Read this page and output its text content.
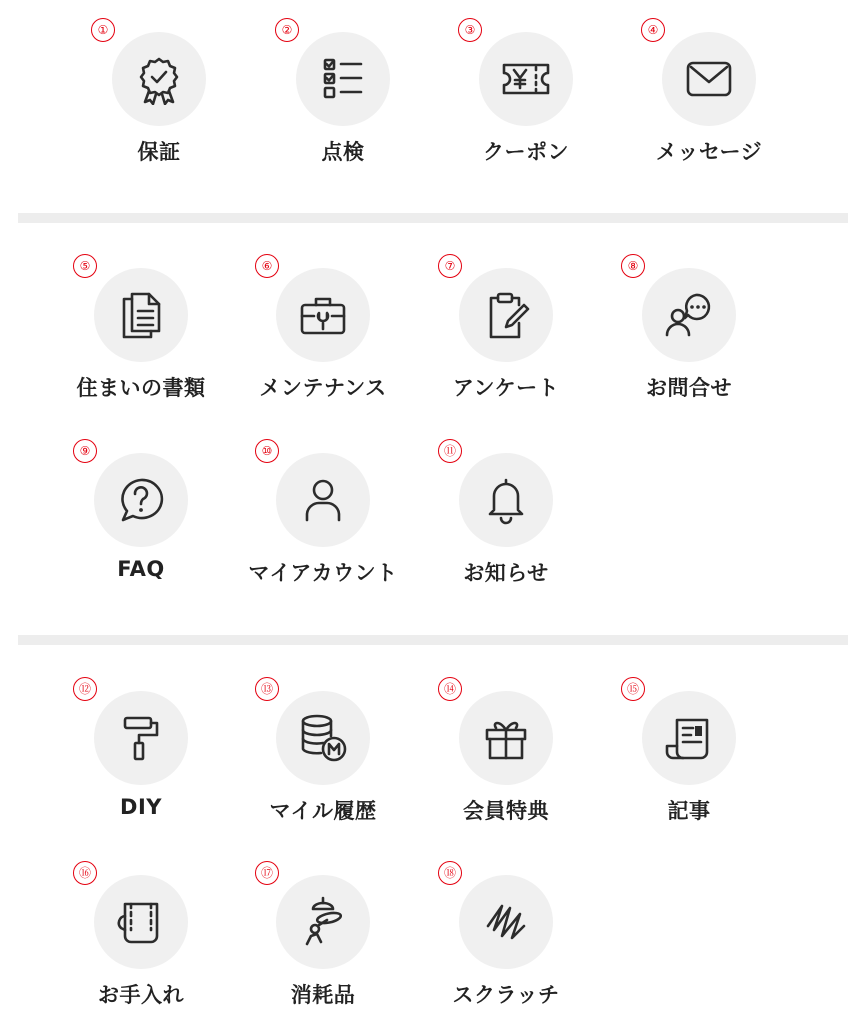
①
保証
②
点検
③
クーポン
④
メッセージ
⑤
住まいの書類
⑥
メンテナンス
⑦
アンケート
⑧
お問合せ
⑨
FAQ
⑩
マイアカウント
⑪
お知らせ
⑫
DIY
⑬
マイル履歴
⑭
会員特典
⑮
記事
⑯
お手入れ
⑰
消耗品
⑱
スクラッチ
